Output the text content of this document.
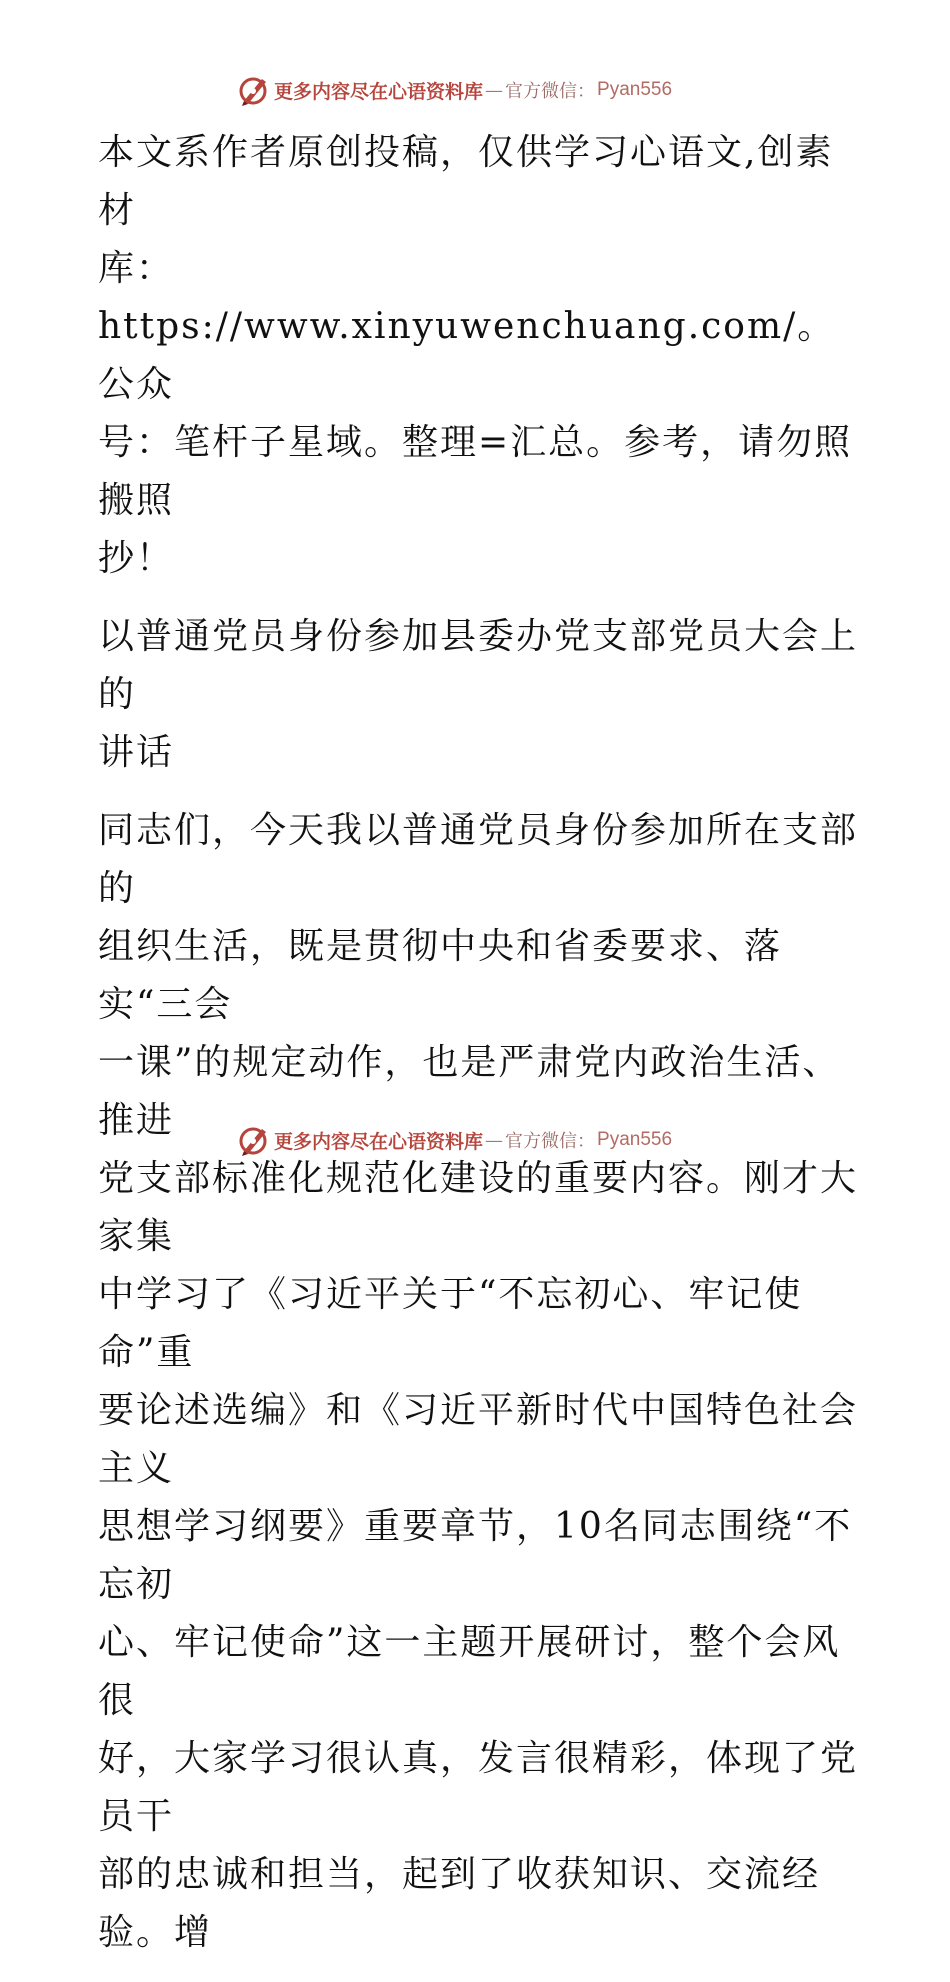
更多内容尽在心语资料库 — 官方微信： Pyan556

本文系作者原创投稿，仅供学习心语文,创素材
库：https://www.xinyuwenchuang.com/。公众
号：笔杆子星域。整理=汇总。参考，请勿照搬照
抄！

以普通党员身份参加县委办党支部党员大会上的
讲话

同志们，今天我以普通党员身份参加所在支部的
组织生活，既是贯彻中央和省委要求、落实“三会
一课”的规定动作，也是严肃党内政治生活、推进
党支部标准化规范化建设的重要内容。刚才大家集
中学习了《习近平关于“不忘初心、牢记使命”重
要论述选编》和《习近平新时代中国特色社会主义
思想学习纲要》重要章节，10名同志围绕“不忘初
心、牢记使命”这一主题开展研讨，整个会风很
好，大家学习很认真，发言很精彩，体现了党员干
部的忠诚和担当，起到了收获知识、交流经验。增

更多内容尽在心语资料库 — 官方微信： Pyan556
